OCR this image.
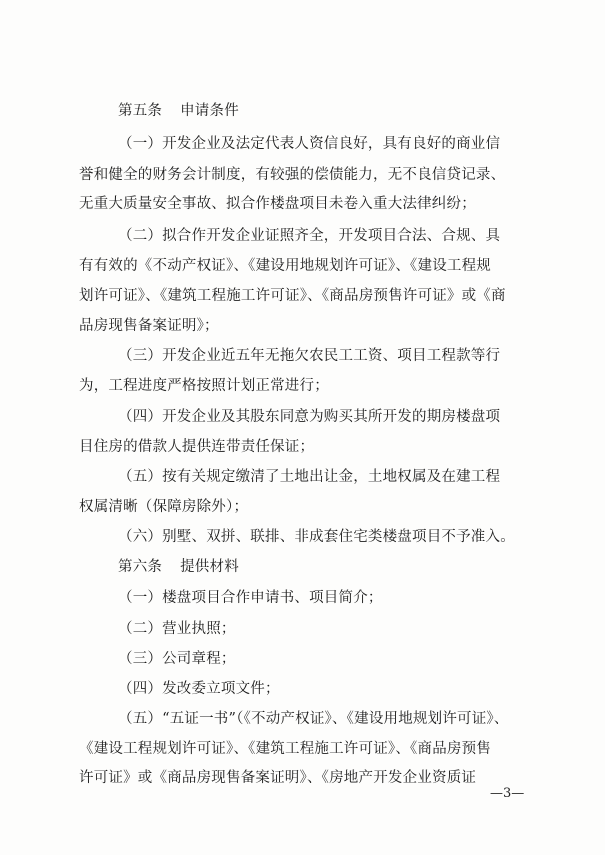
第五条 申请条件
（一）开发企业及法定代表人资信良好，具有良好的商业信
誉和健全的财务会计制度，有较强的偿债能力，无不良信贷记录、
无重大质量安全事故、拟合作楼盘项目未卷入重大法律纠纷；
（二）拟合作开发企业证照齐全，开发项目合法、合规、具
有有效的《不动产权证》、《建设用地规划许可证》、《建设工程规
划许可证》、《建筑工程施工许可证》、《商品房预售许可证》或《商
品房现售备案证明》；
（三）开发企业近五年无拖欠农民工工资、项目工程款等行
为，工程进度严格按照计划正常进行；
（四）开发企业及其股东同意为购买其所开发的期房楼盘项
目住房的借款人提供连带责任保证；
（五）按有关规定缴清了土地出让金，土地权属及在建工程
权属清晰（保障房除外）；
（六）别墅、双拼、联排、非成套住宅类楼盘项目不予准入。
第六条 提供材料
（一）楼盘项目合作申请书、项目简介；
（二）营业执照；
（三）公司章程；
（四）发改委立项文件；
（五）“五证一书”（《不动产权证》、《建设用地规划许可证》、
《建设工程规划许可证》、《建筑工程施工许可证》、《商品房预售
许可证》或《商品房现售备案证明》、《房地产开发企业资质证
—3—
